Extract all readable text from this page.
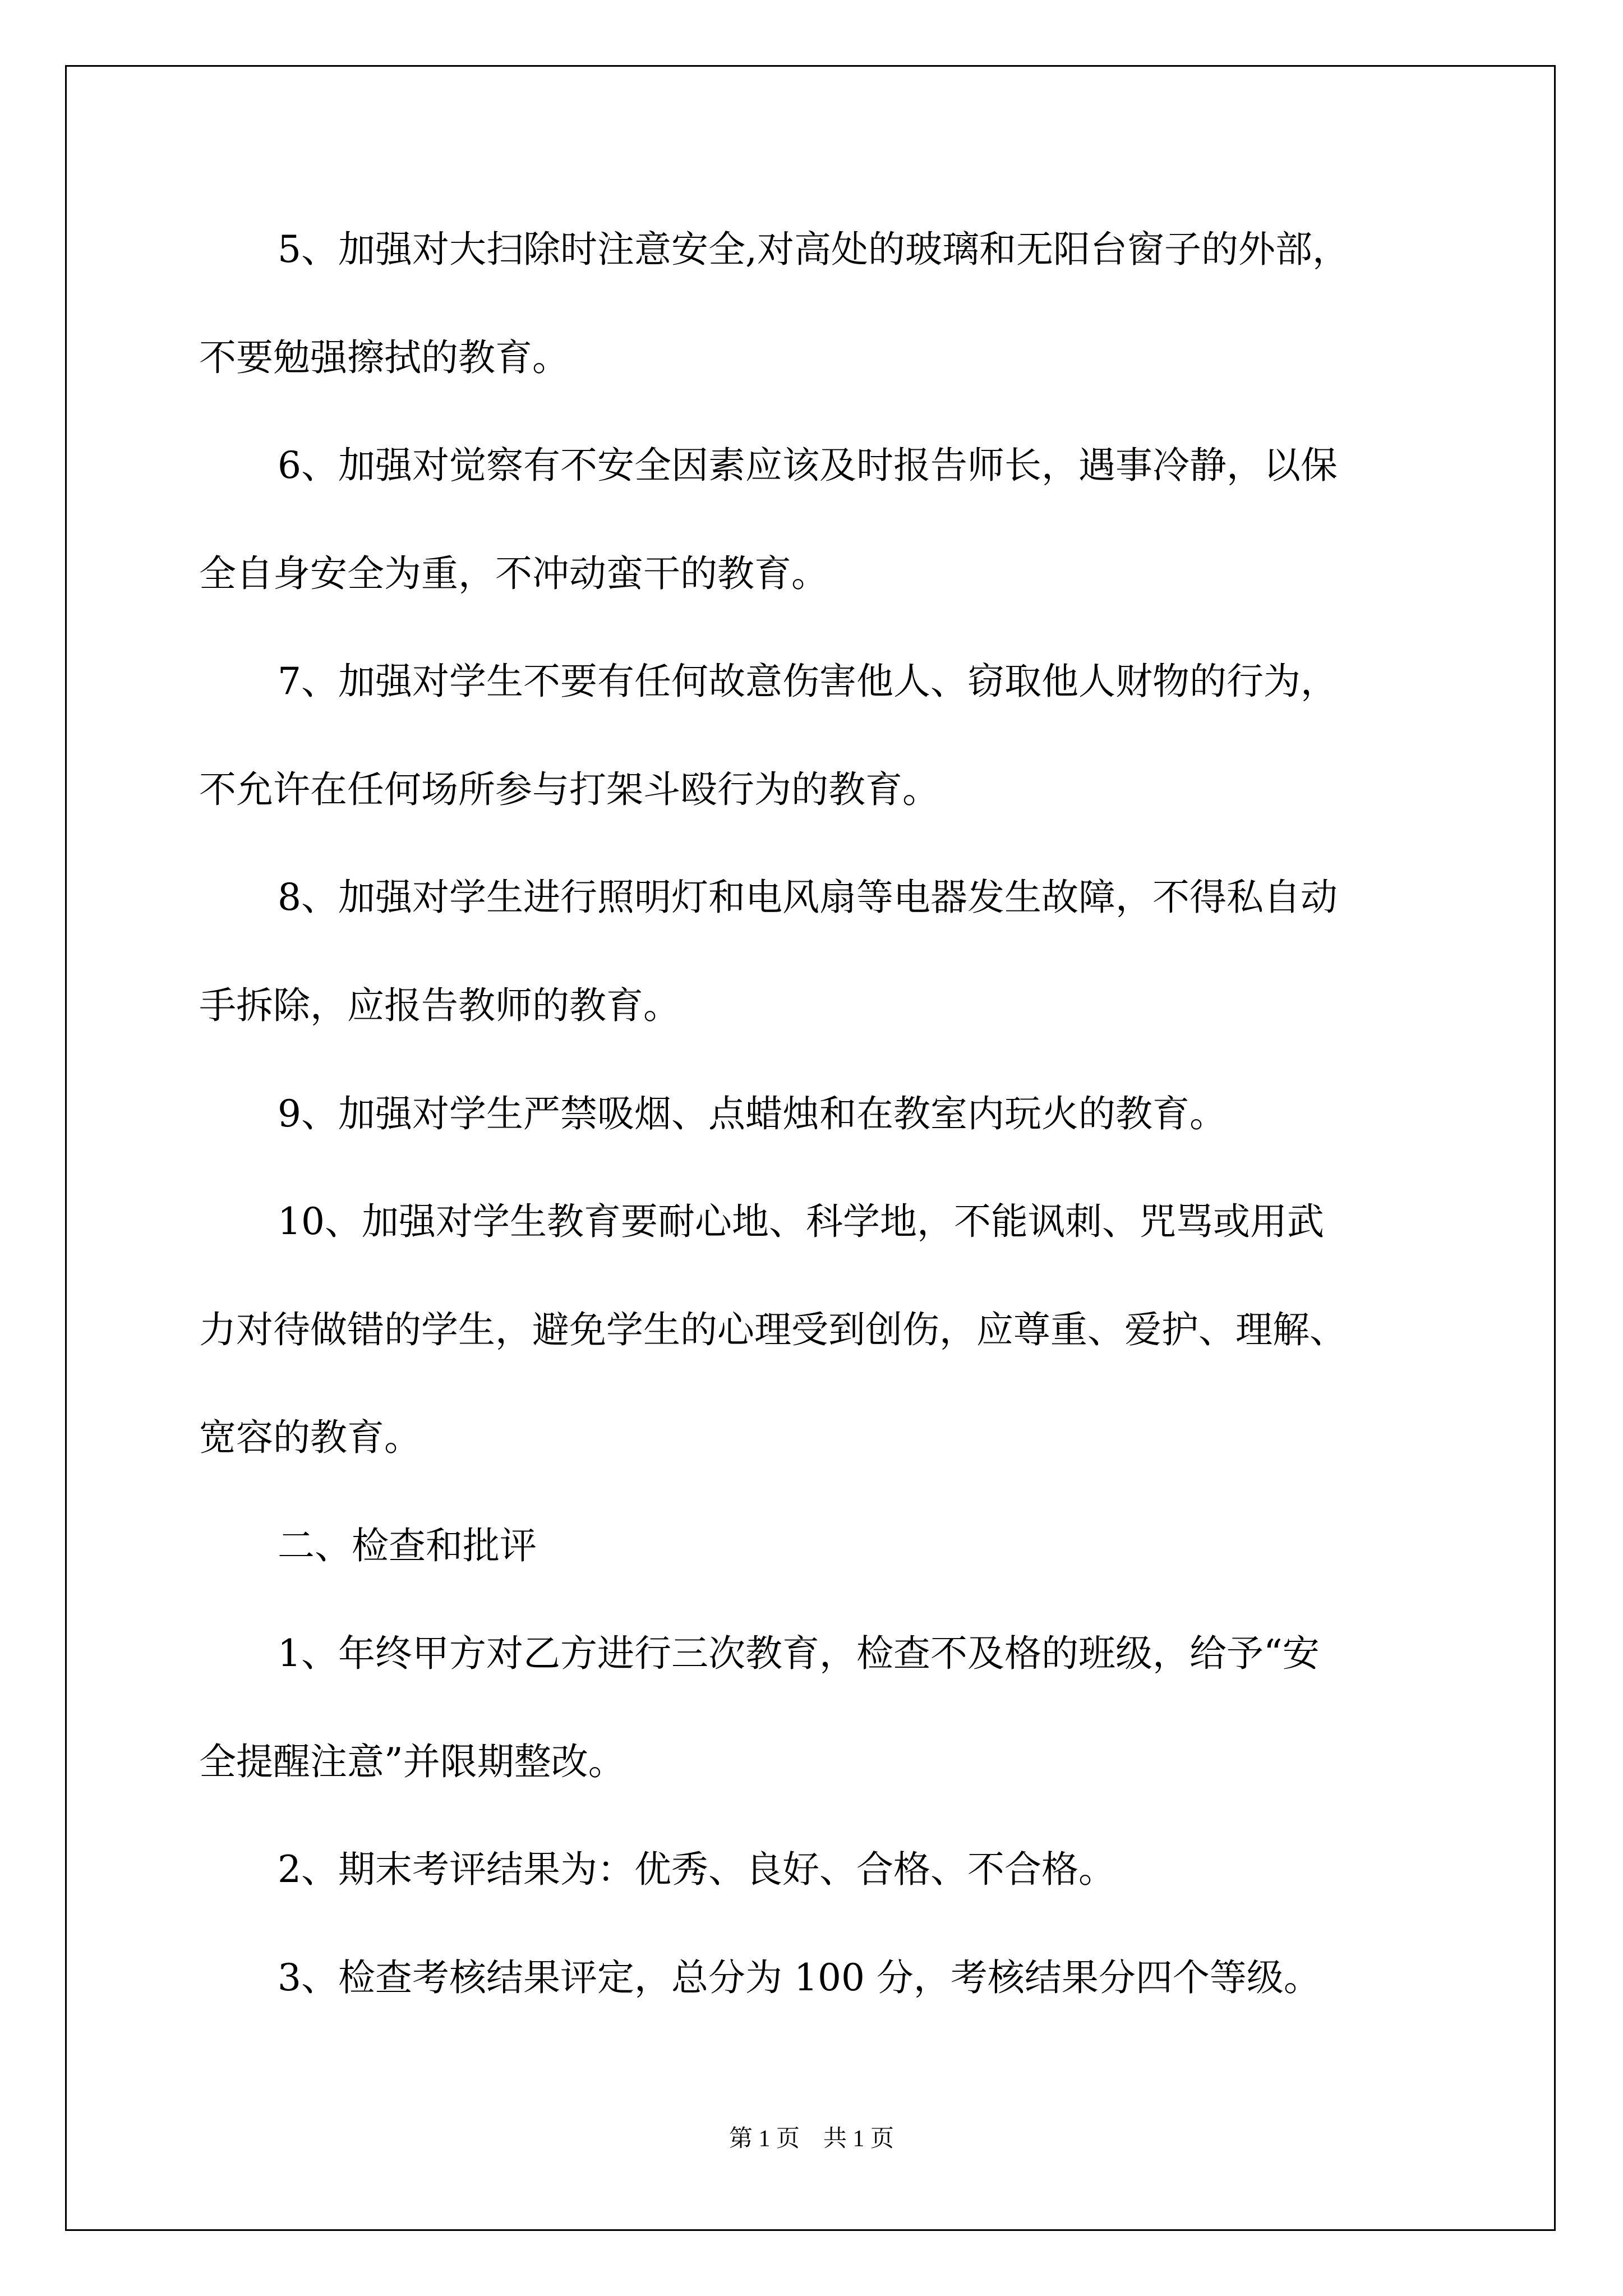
5、加强对大扫除时注意安全,对高处的玻璃和无阳台窗子的外部，
不要勉强擦拭的教育。
6、加强对觉察有不安全因素应该及时报告师长，遇事冷静，以保
全自身安全为重，不冲动蛮干的教育。
7、加强对学生不要有任何故意伤害他人、窃取他人财物的行为，
不允许在任何场所参与打架斗殴行为的教育。
8、加强对学生进行照明灯和电风扇等电器发生故障，不得私自动
手拆除，应报告教师的教育。
9、加强对学生严禁吸烟、点蜡烛和在教室内玩火的教育。
10、加强对学生教育要耐心地、科学地，不能讽刺、咒骂或用武
力对待做错的学生，避免学生的心理受到创伤，应尊重、爱护、理解、
宽容的教育。
二、检查和批评
1、年终甲方对乙方进行三次教育，检查不及格的班级，给予“安
全提醒注意”并限期整改。
2、期末考评结果为：优秀、良好、合格、不合格。
3、检查考核结果评定，总分为 100 分，考核结果分四个等级。
第 1 页　共 1 页
